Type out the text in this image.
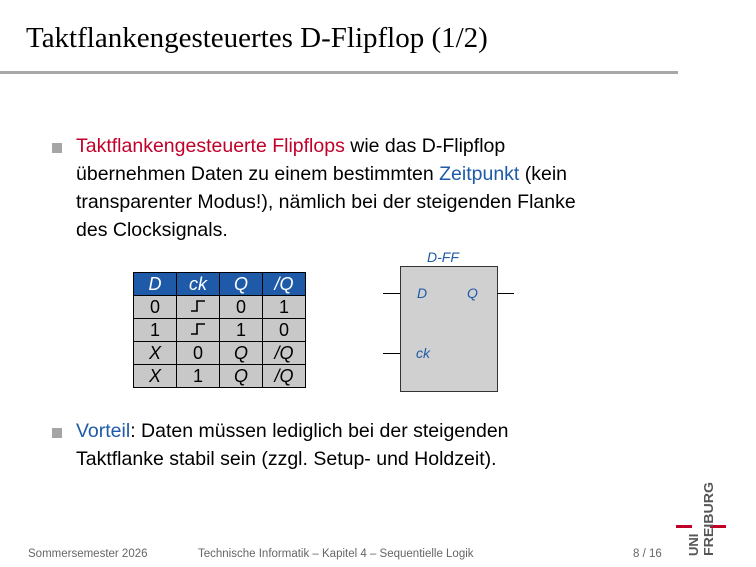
Taktflankengesteuertes D-Flipflop (1/2)
Taktflankengesteuerte Flipflops wie das D-Flipflop
übernehmen Daten zu einem bestimmten Zeitpunkt (kein
transparenter Modus!), nämlich bei der steigenden Flanke
des Clocksignals.
D	ck	Q	/Q
0		0	1
1		1	0
X	0	Q	/Q
X	1	Q	/Q
D-FF
D	Q
ck
Vorteil: Daten müssen lediglich bei der steigenden
Taktflanke stabil sein (zzgl. Setup- und Holdzeit).
Sommersemester 2026	Technische Informatik – Kapitel 4 – Sequentielle Logik	8 / 16 UNI FREIBURG
